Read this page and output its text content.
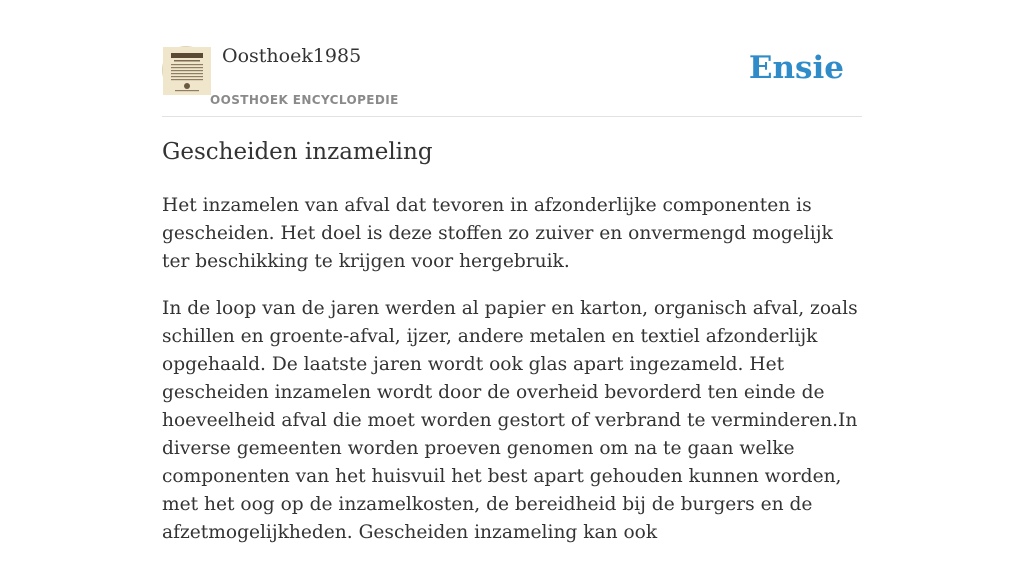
Oosthoek1985
OOSTHOEK ENCYCLOPEDIE
Ensie
Gescheiden inzameling

Het inzamelen van afval dat tevoren in afzonderlijke componenten is gescheiden. Het doel is deze stoffen zo zuiver en onvermengd mogelijk ter beschikking te krijgen voor hergebruik.

In de loop van de jaren werden al papier en karton, organisch afval, zoals schillen en groente-afval, ijzer, andere metalen en textiel afzonderlijk opgehaald. De laatste jaren wordt ook glas apart ingezameld. Het gescheiden inzamelen wordt door de overheid bevorderd ten einde de hoeveelheid afval die moet worden gestort of verbrand te verminderen.In diverse gemeenten worden proeven genomen om na te gaan welke componenten van het huisvuil het best apart gehouden kunnen worden, met het oog op de inzamelkosten, de bereidheid bij de burgers en de afzetmogelijkheden. Gescheiden inzameling kan ook
